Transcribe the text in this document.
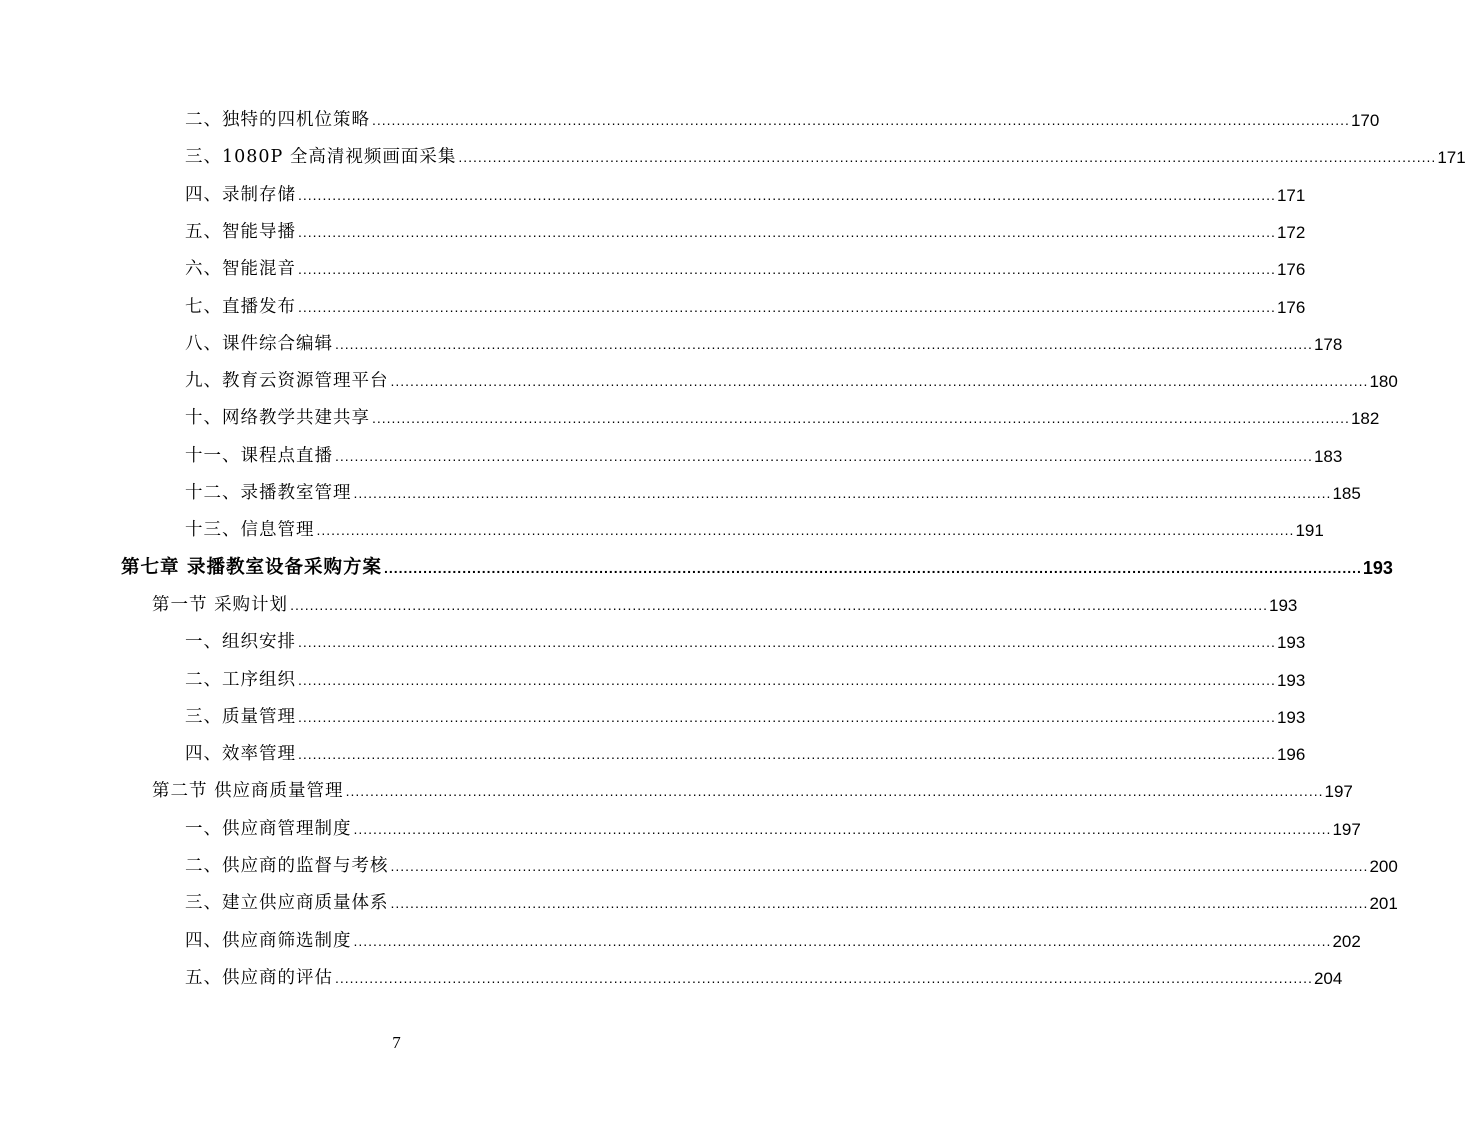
二、独特的四机位策略 ........................................................................................................................................................................................................ 170
三、1080P 全高清视频画面采集 ........................................................................................................................................................................................................ 171
四、录制存储 ........................................................................................................................................................................................................ 171
五、智能导播 ........................................................................................................................................................................................................ 172
六、智能混音 ........................................................................................................................................................................................................ 176
七、直播发布 ........................................................................................................................................................................................................ 176
八、课件综合编辑 ........................................................................................................................................................................................................ 178
九、教育云资源管理平台 ........................................................................................................................................................................................................ 180
十、网络教学共建共享 ........................................................................................................................................................................................................ 182
十一、课程点直播 ........................................................................................................................................................................................................ 183
十二、录播教室管理 ........................................................................................................................................................................................................ 185
十三、信息管理 ........................................................................................................................................................................................................ 191
第七章 录播教室设备采购方案 ........................................................................................................................................................................................................ 193
第一节 采购计划 ........................................................................................................................................................................................................ 193
一、组织安排 ........................................................................................................................................................................................................ 193
二、工序组织 ........................................................................................................................................................................................................ 193
三、质量管理 ........................................................................................................................................................................................................ 193
四、效率管理 ........................................................................................................................................................................................................ 196
第二节 供应商质量管理 ........................................................................................................................................................................................................ 197
一、供应商管理制度 ........................................................................................................................................................................................................ 197
二、供应商的监督与考核 ........................................................................................................................................................................................................ 200
三、建立供应商质量体系 ........................................................................................................................................................................................................ 201
四、供应商筛选制度 ........................................................................................................................................................................................................ 202
五、供应商的评估 ........................................................................................................................................................................................................ 204
7
